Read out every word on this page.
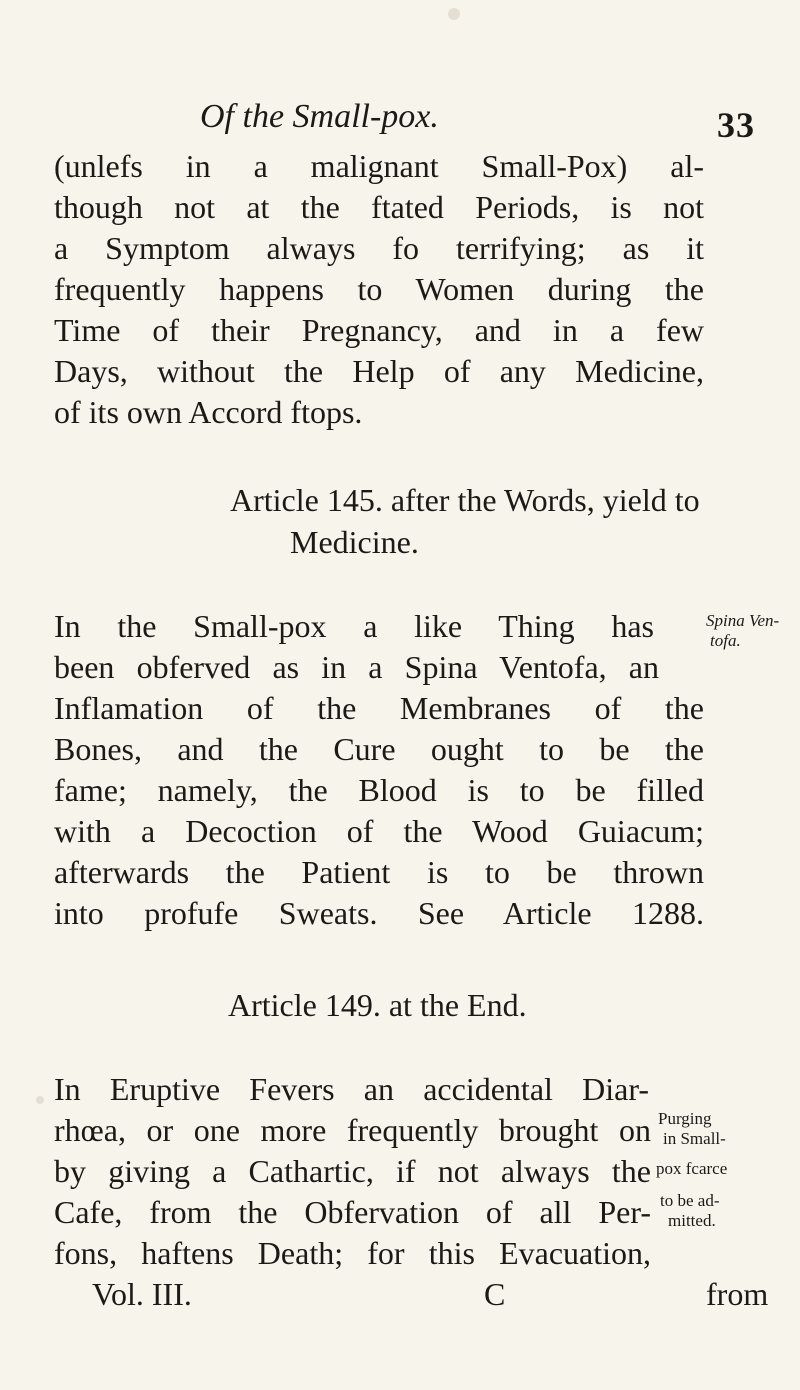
Of the Small-pox.	33
(unlefs in a malignant Small-Pox) al-
though not at the ftated Periods, is not
a Symptom always fo terrifying; as it
frequently happens to Women during the
Time of their Pregnancy, and in a few
Days, without the Help of any Medicine,
of its own Accord ftops.
Article 145. after the Words, yield to
Medicine.
In the Small-pox a like Thing has
been obferved as in a Spina Ventofa, an
Inflamation of the Membranes of the
Bones, and the Cure ought to be the
fame; namely, the Blood is to be filled
with a Decoction of the Wood Guiacum;
afterwards the Patient is to be thrown
into profufe Sweats. See Article 1288.
Spina Ven-
tofa.
Article 149. at the End.
In Eruptive Fevers an accidental Diar-
rhœa, or one more frequently brought on
by giving a Cathartic, if not always the
Cafe, from the Obfervation of all Per-
fons, haftens Death; for this Evacuation,
Purging
in Small-
pox fcarce
to be ad-
mitted.
Vol. III.	C	from
